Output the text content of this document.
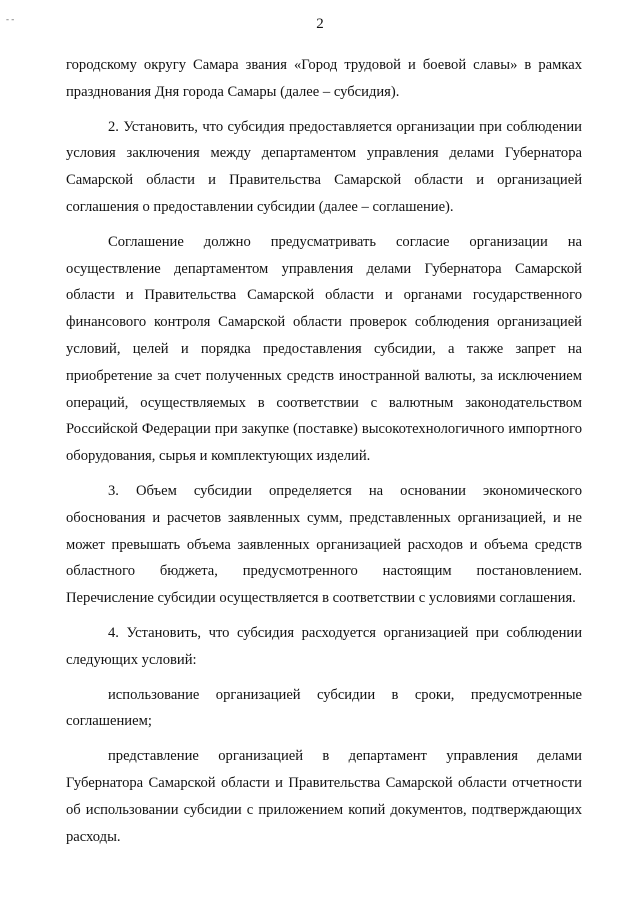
- -	2

городскому округу Самара звания «Город трудовой и боевой славы» в рамках празднования Дня города Самары (далее – субсидия).

2. Установить, что субсидия предоставляется организации при соблюдении условия заключения между департаментом управления делами Губернатора Самарской области и Правительства Самарской области и организацией соглашения о предоставлении субсидии (далее – соглашение).

Соглашение должно предусматривать согласие организации на осуществление департаментом управления делами Губернатора Самарской области и Правительства Самарской области и органами государственного финансового контроля Самарской области проверок соблюдения организацией условий, целей и порядка предоставления субсидии, а также запрет на приобретение за счет полученных средств иностранной валюты, за исключением операций, осуществляемых в соответствии с валютным законодательством Российской Федерации при закупке (поставке) высокотехнологичного импортного оборудования, сырья и комплектующих изделий.

3. Объем субсидии определяется на основании экономического обоснования и расчетов заявленных сумм, представленных организацией, и не может превышать объема заявленных организацией расходов и объема средств областного бюджета, предусмотренного настоящим постановлением. Перечисление субсидии осуществляется в соответствии с условиями соглашения.

4. Установить, что субсидия расходуется организацией при соблюдении следующих условий:

использование организацией субсидии в сроки, предусмотренные соглашением;

представление организацией в департамент управления делами Губернатора Самарской области и Правительства Самарской области отчетности об использовании субсидии с приложением копий документов, подтверждающих расходы.
